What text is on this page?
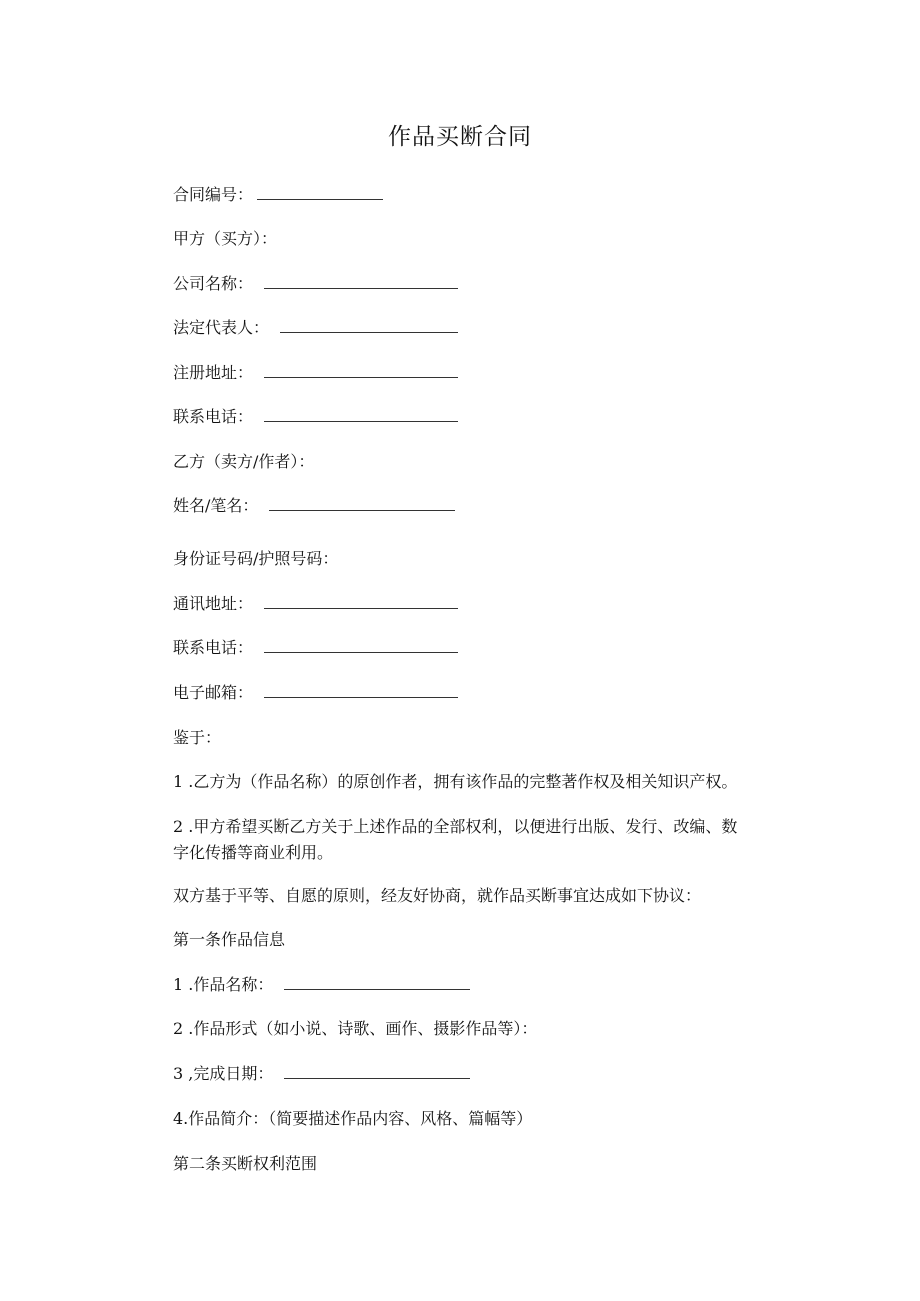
作品买断合同
合同编号：
甲方（买方）：
公司名称：
法定代表人：
注册地址：
联系电话：
乙方（卖方/作者）：
姓名/笔名：
身份证号码/护照号码：
通讯地址：
联系电话：
电子邮箱：
鉴于：
1 .乙方为（作品名称）的原创作者，拥有该作品的完整著作权及相关知识产权。
2 .甲方希望买断乙方关于上述作品的全部权利，以便进行出版、发行、改编、数
字化传播等商业利用。
双方基于平等、自愿的原则，经友好协商，就作品买断事宜达成如下协议：
第一条作品信息
1 .作品名称：
2 .作品形式（如小说、诗歌、画作、摄影作品等）：
3 ,完成日期：
4.作品简介：（简要描述作品内容、风格、篇幅等）
第二条买断权利范围
